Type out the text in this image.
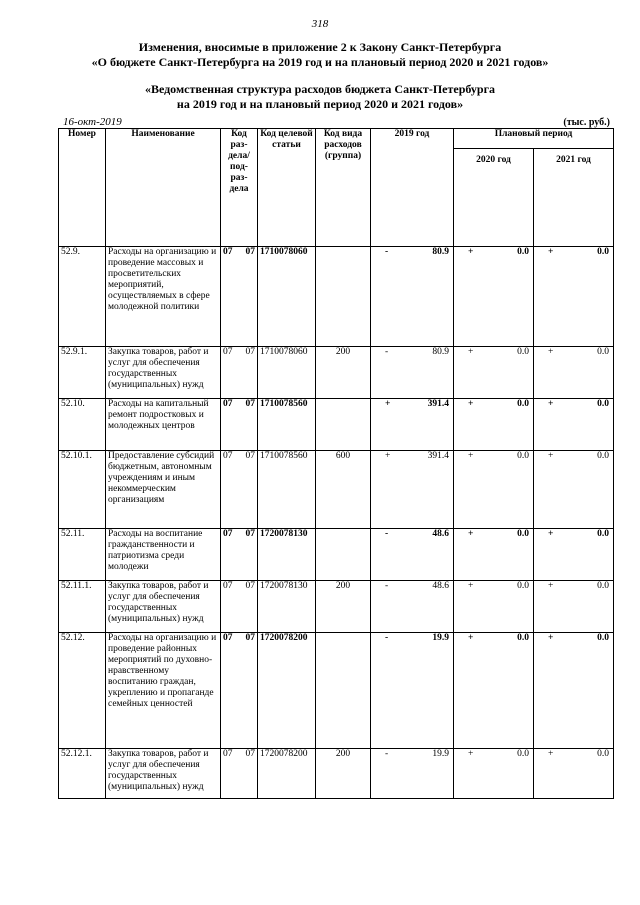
318
Изменения, вносимые в приложение 2 к Закону Санкт-Петербурга
«О бюджете Санкт-Петербурга на 2019 год и на плановый период 2020 и 2021 годов»
«Ведомственная структура расходов бюджета Санкт-Петербурга
на 2019 год и на плановый период 2020 и 2021 годов»
16-окт-2019	(тыс. руб.)
Номер	Наименование	Код раз- дела/ под- раз- дела	Код целевой статьи	Код вида расходов (группа)	2019 год	Плановый период	
						2020 год	2021 год
52.9.	Расходы на организацию и проведение массовых и просветительских мероприятий, осуществляемых в сфере молодежной политики	07 07	1710078060		- 80.9	+ 0.0	+ 0.0

52.9.1.	Закупка товаров, работ и услуг для обеспечения государственных (муниципальных) нужд	07 07	1710078060	200	- 80.9	+ 0.0	+ 0.0

52.10.	Расходы на капитальный ремонт подростковых и молодежных центров	07 07	1710078560		+ 391.4	+ 0.0	+ 0.0

52.10.1.	Предоставление субсидий бюджетным, автономным учреждениям и иным некоммерческим организациям	07 07	1710078560	600	+ 391.4	+ 0.0	+ 0.0

52.11.	Расходы на воспитание гражданственности и патриотизма среди молодежи	07 07	1720078130		- 48.6	+ 0.0	+ 0.0

52.11.1.	Закупка товаров, работ и услуг для обеспечения государственных (муниципальных) нужд	07 07	1720078130	200	- 48.6	+ 0.0	+ 0.0

52.12.	Расходы на организацию и проведение районных мероприятий по духовно-нравственному воспитанию граждан, укреплению и пропаганде семейных ценностей	07 07	1720078200		- 19.9	+ 0.0	+ 0.0

52.12.1.	Закупка товаров, работ и услуг для обеспечения государственных (муниципальных) нужд	07 07	1720078200	200	- 19.9	+ 0.0	+ 0.0
